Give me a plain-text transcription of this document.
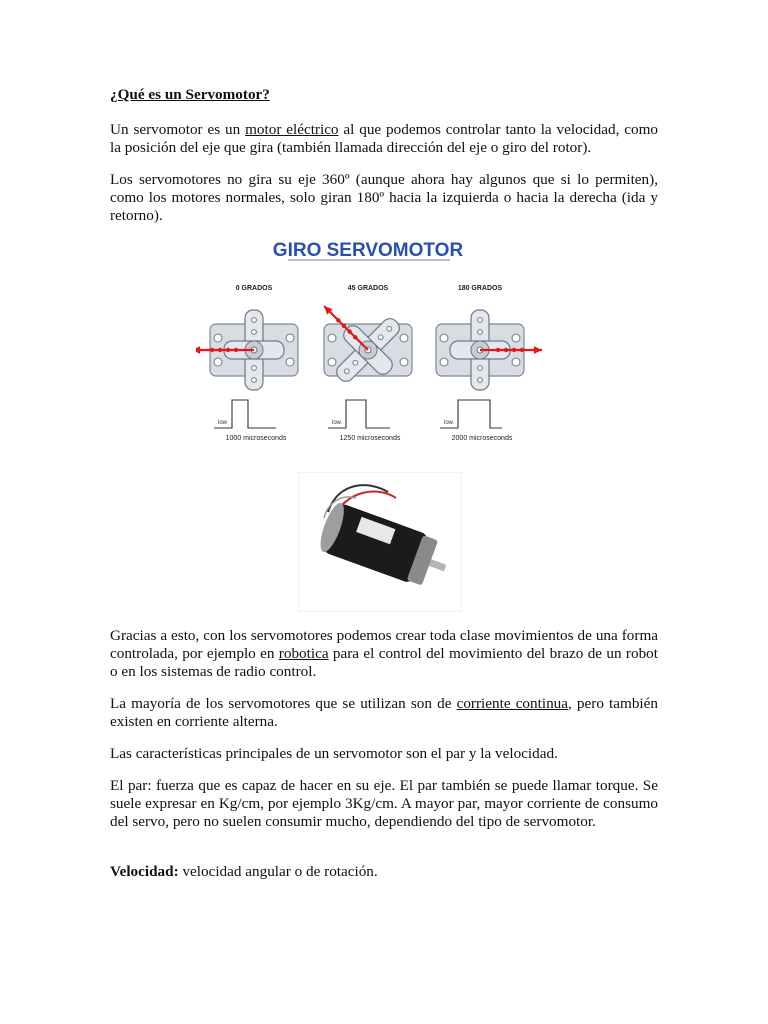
¿Qué es un Servomotor?

Un servomotor es un motor eléctrico al que podemos controlar tanto la velocidad, como la posición del eje que gira (también llamada dirección del eje o giro del rotor).

Los servomotores no gira su eje 360º (aunque ahora hay algunos que si lo permiten), como los motores normales, solo giran 180º hacia la izquierda o hacia la derecha (ida y retorno).

GIRO SERVOMOTOR
0 GRADOS
low
1000 microseconds
45 GRADOS
low
1250 microseconds
180 GRADOS
low
2000 microseconds

Gracias a esto, con los servomotores podemos crear toda clase movimientos de una forma controlada, por ejemplo en robotica para el control del movimiento del brazo de un robot o en los sistemas de radio control.

La mayoría de los servomotores que se utilizan son de corriente continua, pero también existen en corriente alterna.

Las características principales de un servomotor son el par y la velocidad.

El par: fuerza que es capaz de hacer en su eje. El par también se puede llamar torque. Se suele expresar en Kg/cm, por ejemplo 3Kg/cm. A mayor par, mayor corriente de consumo del servo, pero no suelen consumir mucho, dependiendo del tipo de servomotor.

Velocidad: velocidad angular o de rotación.
